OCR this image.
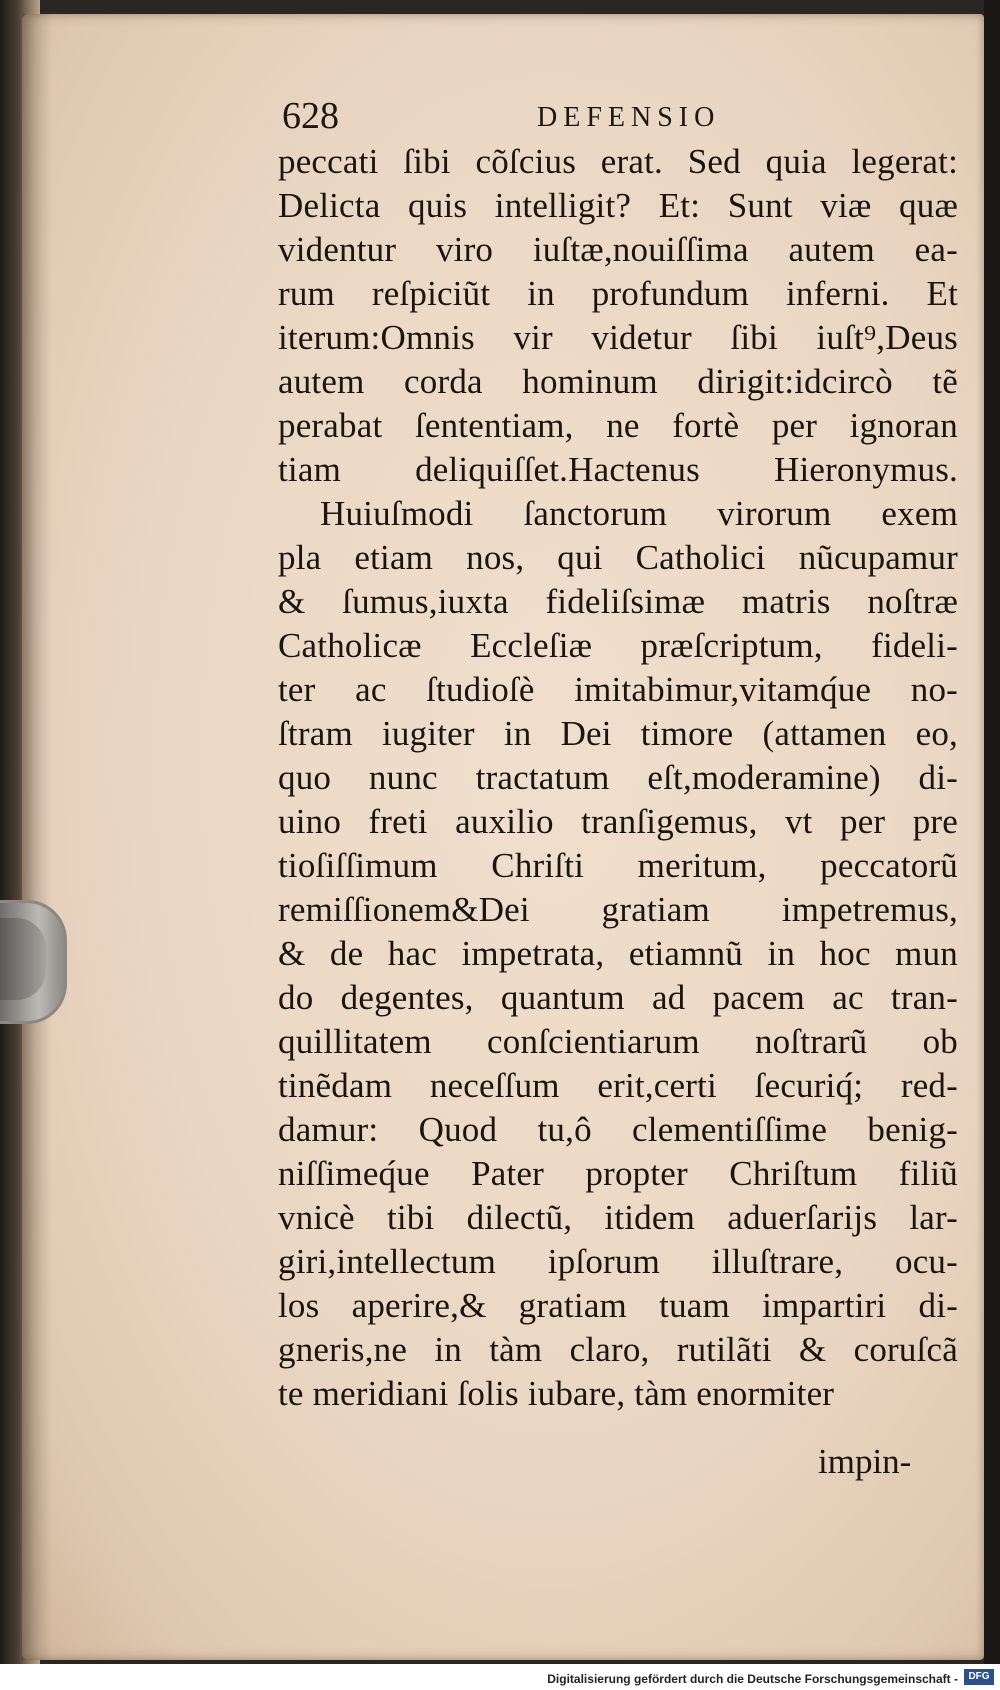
628	DEFENSIO
peccati ſibi cõſcius erat. Sed quia legerat:
Delicta quis intelligit? Et: Sunt viæ quæ
videntur viro iuſtæ,nouiſſima autem ea-
rum reſpiciũt in profundum inferni. Et
iterum:Omnis vir videtur ſibi iuſt⁹,Deus
autem corda hominum dirigit:idcircò tẽ
perabat ſententiam, ne fortè per ignoran
tiam deliquiſſet.Hactenus Hieronymus.
Huiuſmodi ſanctorum virorum exem
pla etiam nos, qui Catholici nũcupamur
& ſumus,iuxta fideliſsimæ matris noſtræ
Catholicæ Eccleſiæ præſcriptum, fideli-
ter ac ſtudioſè imitabimur,vitamq́ue no-
ſtram iugiter in Dei timore (attamen eo,
quo nunc tractatum eſt,moderamine) di-
uino freti auxilio tranſigemus, vt per pre
tioſiſſimum Chriſti meritum, peccatorũ
remiſſionem&Dei gratiam impetremus,
& de hac impetrata, etiamnũ in hoc mun
do degentes, quantum ad pacem ac tran-
quillitatem conſcientiarum noſtrarũ ob
tinẽdam neceſſum erit,certi ſecuriq́; red-
damur: Quod tu,ô clementiſſime benig-
niſſimeq́ue Pater propter Chriſtum filiũ
vnicè tibi dilectũ, itidem aduerſarijs lar-
giri,intellectum ipſorum illuſtrare, ocu-
los aperire,& gratiam tuam impartiri di-
gneris,ne in tàm claro, rutilãti & coruſcã
te meridiani ſolis iubare, tàm enormiter
impin-
Digitalisierung gefördert durch die Deutsche Forschungsgemeinschaft -	DFG
